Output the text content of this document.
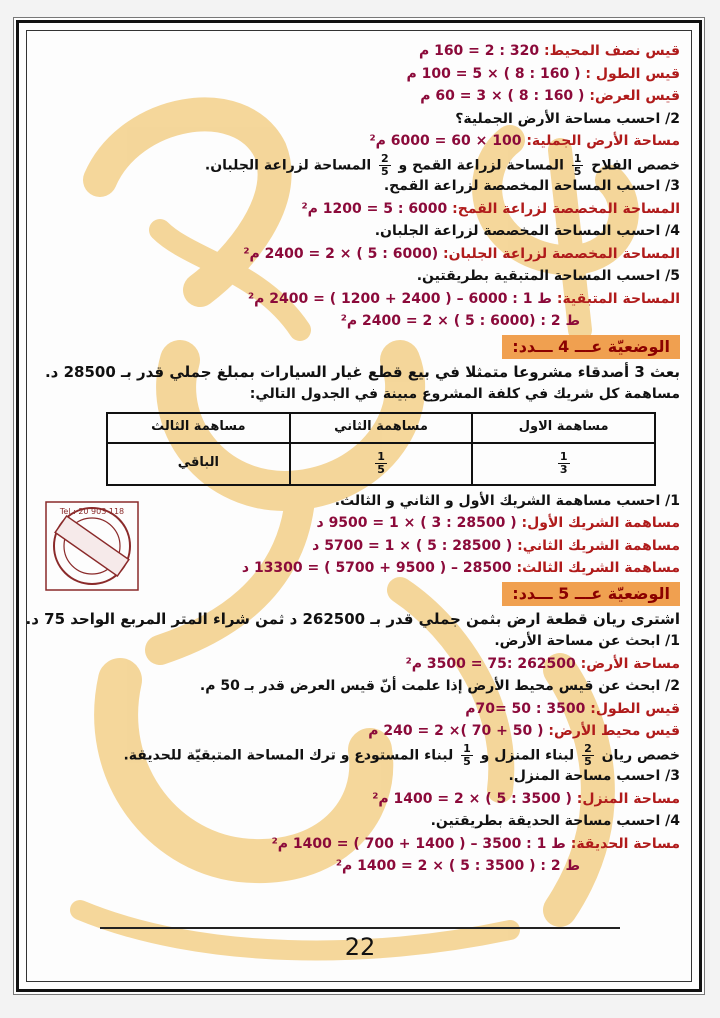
قيس نصف المحيط: 320 : 2 = 160 م
قيس الطول : ( 160 : 8 ) × 5 = 100 م
قيس العرض: ( 160 : 8 ) × 3 = 60 م
2/ احسب مساحة الأرض الجملية؟
مساحة الأرض الجملية: 100 × 60 = 6000 م²
خصص الفلاح
$\frac{1}{5}$
المساحة لزراعة القمح و
$\frac{2}{5}$
المساحة لزراعة الجلبان.
3/ احسب المساحة المخصصة لزراعة القمح.
المساحة المخصصة لزراعة القمح: 6000 : 5 = 1200 م²
4/ احسب المساحة المخصصة لزراعة الجلبان.
المساحة المخصصة لزراعة الجلبان: (6000 : 5 ) × 2 = 2400 م²
5/ احسب المساحة المتبقية بطريقتين.
المساحة المتبقية: ط 1 : 6000 – ( 2400 + 1200 ) = 2400 م²
ط 2 : (6000 : 5 ) × 2 = 2400 م²
الوضعيّة عـــ 4 ـــدد:
بعث 3 أصدقاء مشروعا متمثلا في بيع قطع غيار السيارات بمبلغ جملي قدر بـ 28500 د.
مساهمة كل شريك في كلفة المشروع مبينة في الجدول التالي:
مساهمة الاول	مساهمة الثاني	مساهمة الثالث

$\frac{1}{3}$	$\frac{1}{5}$	الباقي
1/ احسب مساهمة الشريك الأول و الثاني و الثالث.
مساهمة الشريك الأول: ( 28500 : 3 ) × 1 = 9500 د
مساهمة الشريك الثاني: ( 28500 : 5 ) × 1 = 5700 د
مساهمة الشريك الثالث: 28500 – ( 9500 + 5700 ) = 13300 د
الوضعيّة عـــ 5 ـــدد:
اشترى ريان قطعة ارض بثمن جملي قدر بـ 262500 د ثمن شراء المتر المربع الواحد 75 د.
1/ ابحث عن مساحة الأرض.
مساحة الأرض: 262500 :75 = 3500 م²
2/ ابحث عن قيس محيط الأرض إذا علمت أنّ قيس العرض قدر بـ 50 م.
قيس الطول: 3500 : 50 =70م
قيس محيط الأرض: ( 50 + 70 )× 2 = 240 م
خصص ريان
$\frac{2}{5}$
لبناء المنزل و
$\frac{1}{5}$
لبناء المستودع و ترك المساحة المتبقيّة للحديقة.
3/ احسب مساحة المنزل.
مساحة المنزل: ( 3500 : 5 ) × 2 = 1400 م²
4/ احسب مساحة الحديقة بطريقتين.
مساحة الحديقة: ط 1 : 3500 – ( 1400 + 700 ) = 1400 م²
ط 2 : ( 3500 : 5 ) × 2 = 1400 م²
Tel : 20 903 118
22
